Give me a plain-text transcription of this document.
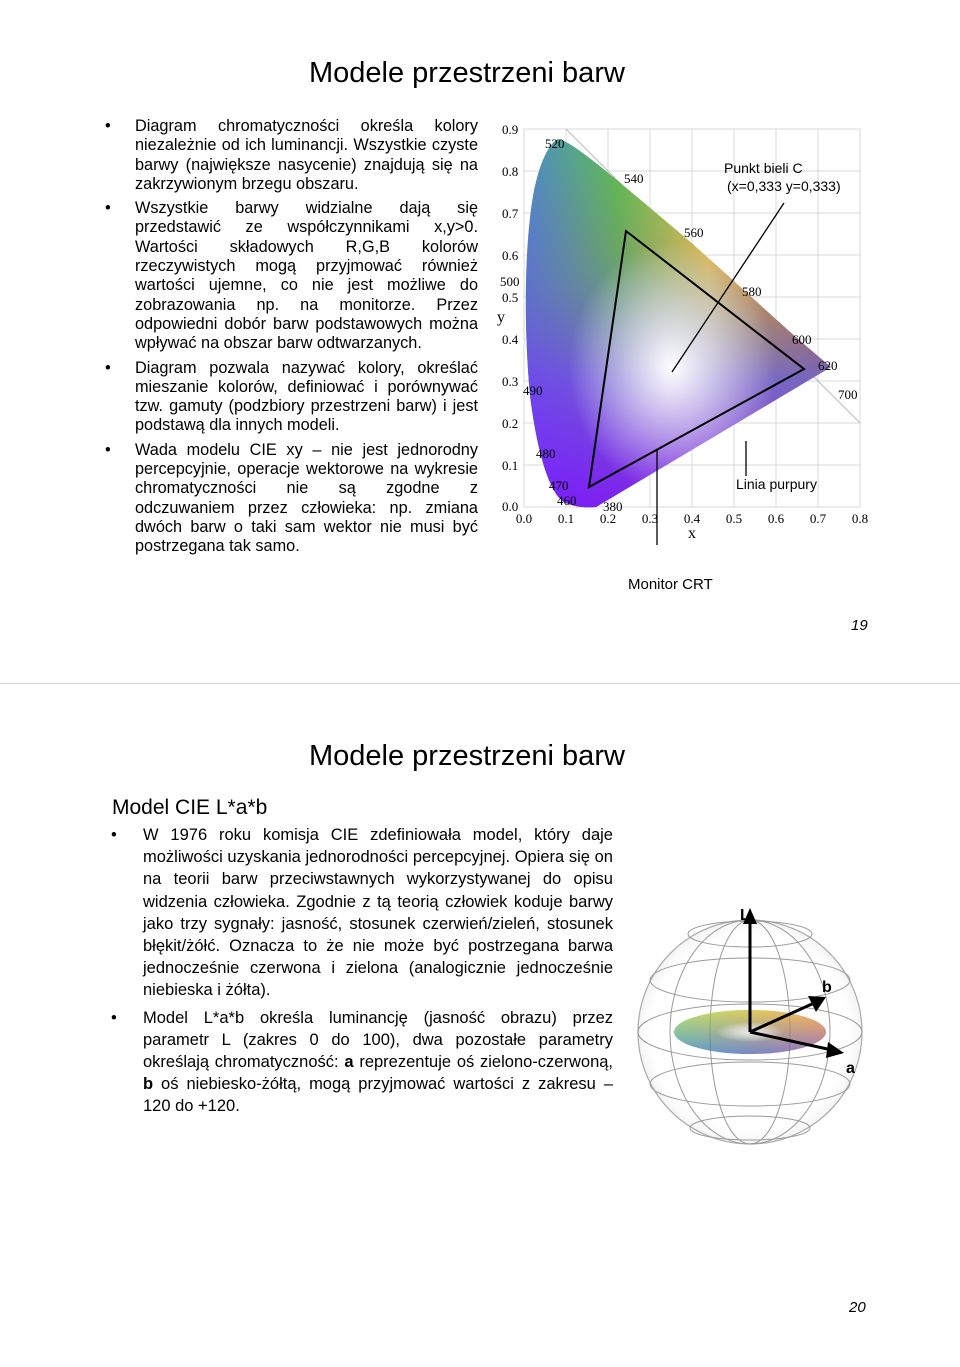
Modele przestrzeni barw
• Diagram chromatyczności określa kolory niezależnie od ich luminancji. Wszystkie czyste barwy (największe nasycenie) znajdują się na zakrzywionym brzegu obszaru.
• Wszystkie barwy widzialne dają się przedstawić ze współczynnikami x,y>0. Wartości składowych R,G,B kolorów rzeczywistych mogą przyjmować również wartości ujemne, co nie jest możliwe do zobrazowania np. na monitorze. Przez odpowiedni dobór barw podstawowych można wpływać na obszar barw odtwarzanych.
• Diagram pozwala nazywać kolory, określać mieszanie kolorów, definiować i porównywać tzw. gamuty (podzbiory przestrzeni barw) i jest podstawą dla innych modeli.
• Wada modelu CIE xy – nie jest jednorodny percepcyjnie, operacje wektorowe na wykresie chromatyczności nie są zgodne z odczuwaniem przez człowieka: np. zmiana dwóch barw o taki sam wektor nie musi być postrzegana tak samo.
0.9
0.8
0.7
0.6
0.5
0.4
0.3
0.2
0.1
0.0
y
0.0 0.1 0.2 0.3 0.4 0.5 0.6 0.7 0.8
x
520
540
560
580
600
620
700
500
490
480
470
460 380
Punkt bieli C
(x=0,333 y=0,333)
Linia purpury
Monitor CRT
19
Modele przestrzeni barw
Model CIE L*a*b
• W 1976 roku komisja CIE zdefiniowała model, który daje możliwości uzyskania jednorodności percepcyjnej. Opiera się on na teorii barw przeciwstawnych wykorzystywanej do opisu widzenia człowieka. Zgodnie z tą teorią człowiek koduje barwy jako trzy sygnały: jasność, stosunek czerwień/zieleń, stosunek błękit/żółć. Oznacza to że nie może być postrzegana barwa jednocześnie czerwona i zielona (analogicznie jednocześnie niebieska i żółta).
• Model L*a*b określa luminancję (jasność obrazu) przez parametr L (zakres 0 do 100), dwa pozostałe parametry określają chromatyczność: a reprezentuje oś zielono-czerwoną, b oś niebiesko-żółtą, mogą przyjmować wartości z zakresu –120 do +120.
L
b
a
20
